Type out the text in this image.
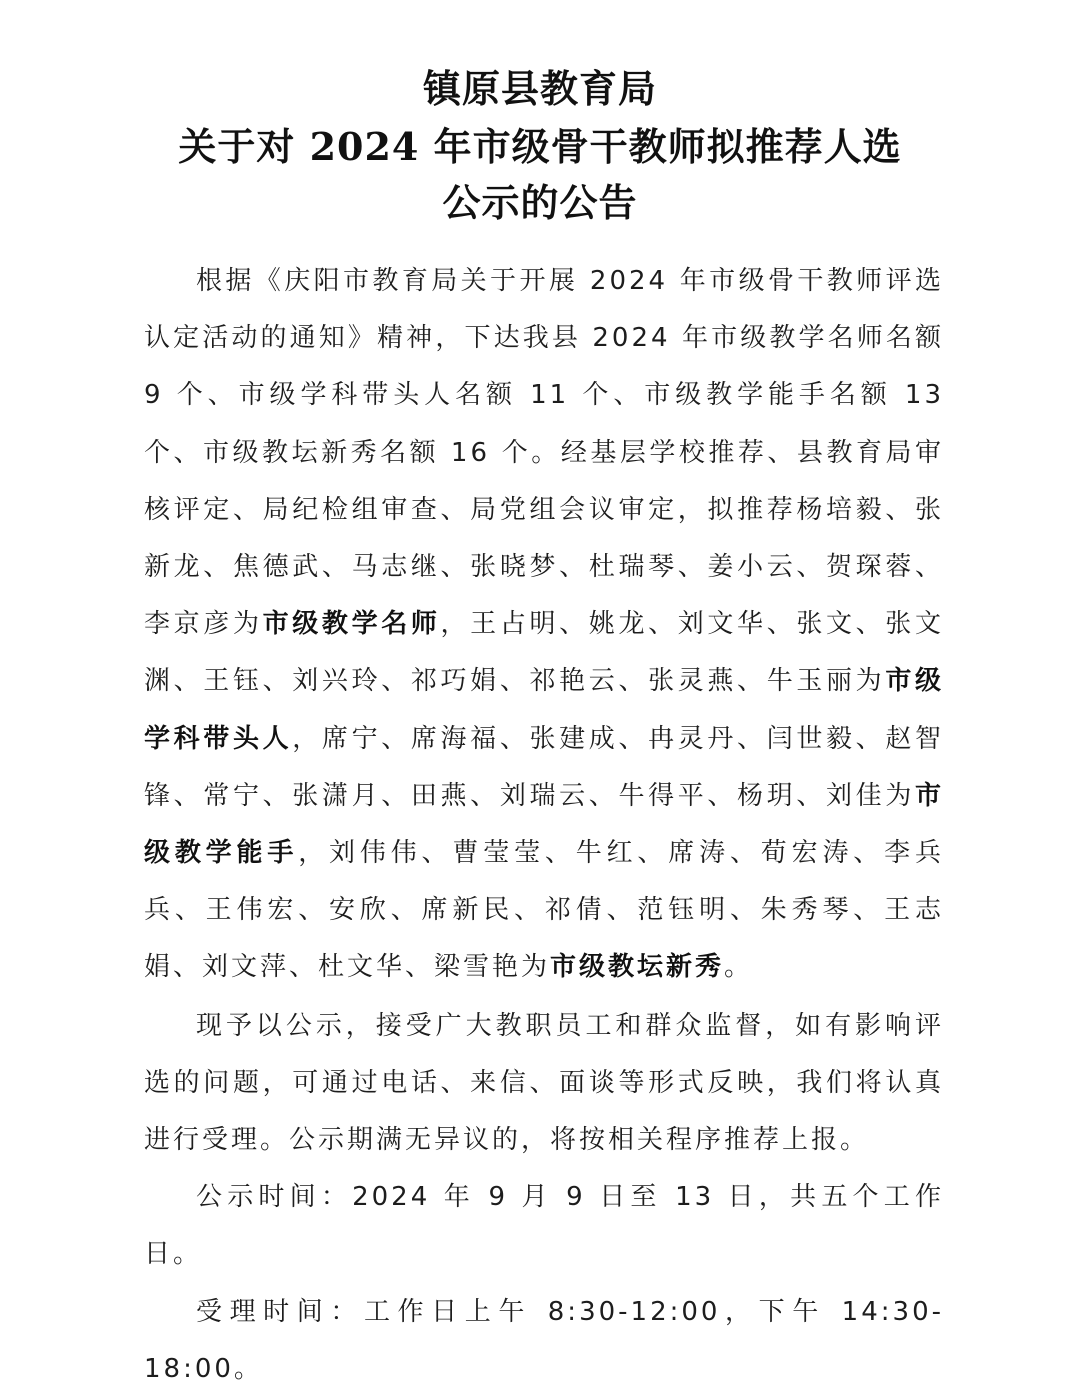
镇原县教育局
关于对 2024 年市级骨干教师拟推荐人选
公示的公告

根据《庆阳市教育局关于开展 2024 年市级骨干教师评选认定活动的通知》精神，下达我县 2024 年市级教学名师名额 9 个、市级学科带头人名额 11 个、市级教学能手名额 13 个、市级教坛新秀名额 16 个。经基层学校推荐、县教育局审核评定、局纪检组审查、局党组会议审定，拟推荐杨培毅、张新龙、焦德武、马志继、张晓梦、杜瑞琴、姜小云、贺琛蓉、李京彦为市级教学名师，王占明、姚龙、刘文华、张文、张文渊、王钰、刘兴玲、祁巧娟、祁艳云、张灵燕、牛玉丽为市级学科带头人，席宁、席海福、张建成、冉灵丹、闫世毅、赵智锋、常宁、张潇月、田燕、刘瑞云、牛得平、杨玥、刘佳为市级教学能手，刘伟伟、曹莹莹、牛红、席涛、荀宏涛、李兵兵、王伟宏、安欣、席新民、祁倩、范钰明、朱秀琴、王志娟、刘文萍、杜文华、梁雪艳为市级教坛新秀。

现予以公示，接受广大教职员工和群众监督，如有影响评选的问题，可通过电话、来信、面谈等形式反映，我们将认真进行受理。公示期满无异议的，将按相关程序推荐上报。

公示时间：2024 年 9 月 9 日至 13 日，共五个工作日。

受理时间：工作日上午 8:30-12:00，下午 14:30-18:00。
